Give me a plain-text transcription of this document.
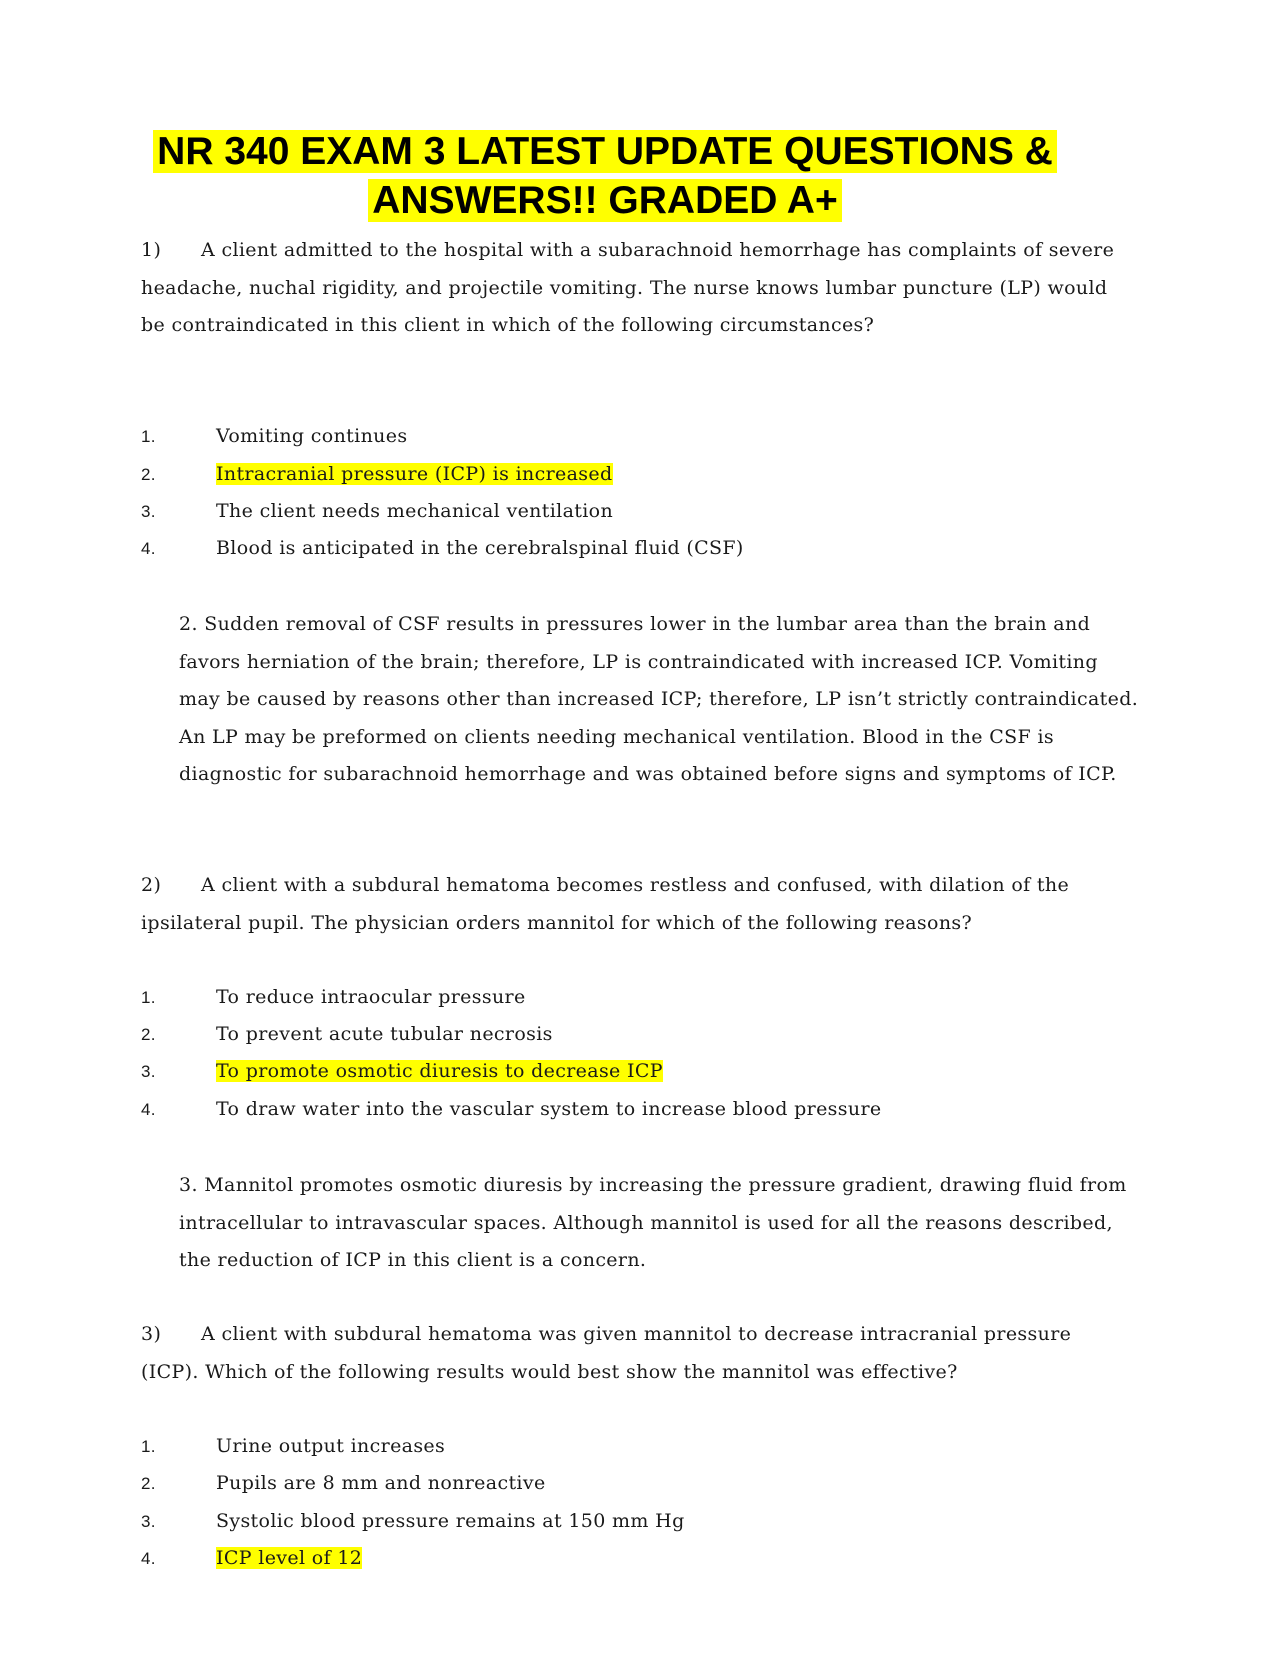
NR 340 EXAM 3 LATEST UPDATE QUESTIONS &
ANSWERS!! GRADED A+
1) A client admitted to the hospital with a subarachnoid hemorrhage has complaints of severe headache, nuchal rigidity, and projectile vomiting. The nurse knows lumbar puncture (LP) would be contraindicated in this client in which of the following circumstances?
1.	Vomiting continues
2.	Intracranial pressure (ICP) is increased
3.	The client needs mechanical ventilation
4.	Blood is anticipated in the cerebralspinal fluid (CSF)
2. Sudden removal of CSF results in pressures lower in the lumbar area than the brain and favors herniation of the brain; therefore, LP is contraindicated with increased ICP. Vomiting may be caused by reasons other than increased ICP; therefore, LP isn’t strictly contraindicated. An LP may be preformed on clients needing mechanical ventilation. Blood in the CSF is diagnostic for subarachnoid hemorrhage and was obtained before signs and symptoms of ICP.
2) A client with a subdural hematoma becomes restless and confused, with dilation of the ipsilateral pupil. The physician orders mannitol for which of the following reasons?
1.	To reduce intraocular pressure
2.	To prevent acute tubular necrosis
3.	To promote osmotic diuresis to decrease ICP
4.	To draw water into the vascular system to increase blood pressure
3. Mannitol promotes osmotic diuresis by increasing the pressure gradient, drawing fluid from intracellular to intravascular spaces. Although mannitol is used for all the reasons described, the reduction of ICP in this client is a concern.
3) A client with subdural hematoma was given mannitol to decrease intracranial pressure (ICP). Which of the following results would best show the mannitol was effective?
1.	Urine output increases
2.	Pupils are 8 mm and nonreactive
3.	Systolic blood pressure remains at 150 mm Hg
4.	ICP level of 12
